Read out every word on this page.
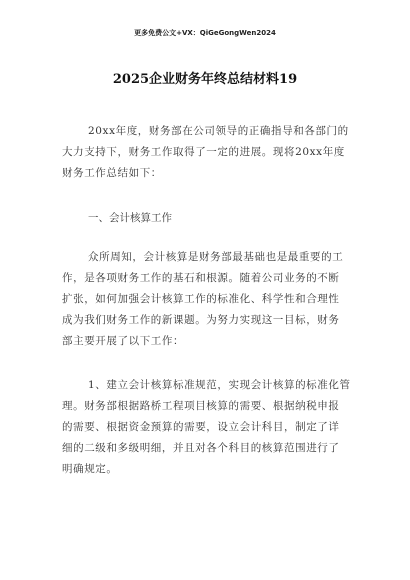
更多免费公文+VX：QiGeGongWen2024
2025企业财务年终总结材料19
20xx年度，财务部在公司领导的正确指导和各部门的
大力支持下，财务工作取得了一定的进展。现将20xx年度
财务工作总结如下：
一、会计核算工作
众所周知，会计核算是财务部最基础也是最重要的工
作，是各项财务工作的基石和根源。随着公司业务的不断
扩张，如何加强会计核算工作的标准化、科学性和合理性
成为我们财务工作的新课题。为努力实现这一目标，财务
部主要开展了以下工作：
1、建立会计核算标准规范，实现会计核算的标准化管
理。财务部根据路桥工程项目核算的需要、根据纳税申报
的需要、根据资金预算的需要，设立会计科目，制定了详
细的二级和多级明细，并且对各个科目的核算范围进行了
明确规定。
